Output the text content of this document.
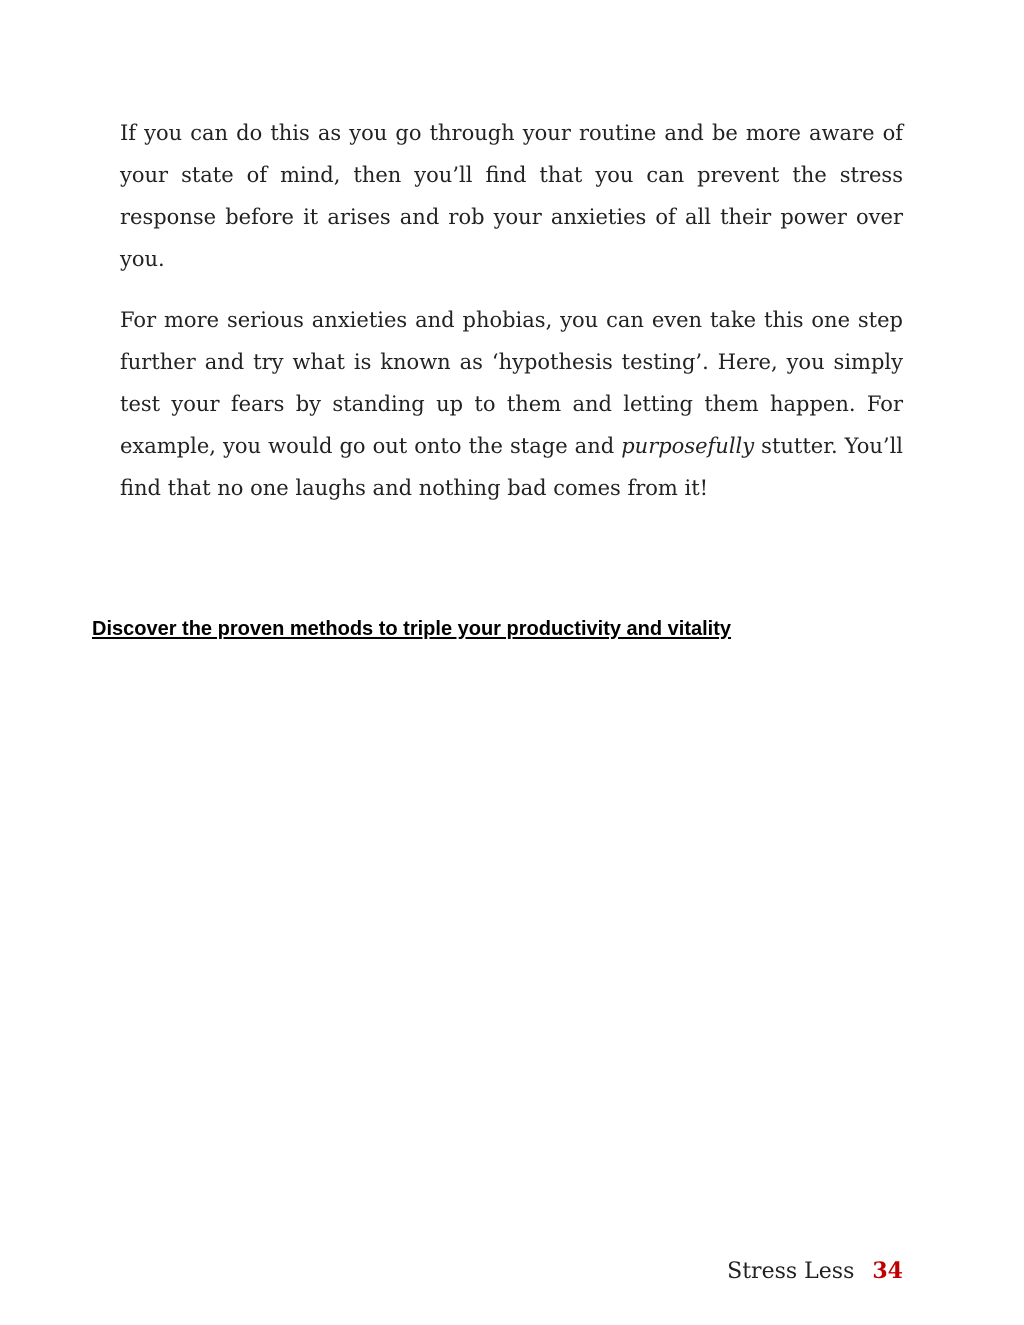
If you can do this as you go through your routine and be more aware of your state of mind, then you’ll find that you can prevent the stress response before it arises and rob your anxieties of all their power over you.

For more serious anxieties and phobias, you can even take this one step further and try what is known as ‘hypothesis testing’. Here, you simply test your fears by standing up to them and letting them happen. For example, you would go out onto the stage and purposefully stutter. You’ll find that no one laughs and nothing bad comes from it!

Discover the proven methods to triple your productivity and vitality
Stress Less 34
